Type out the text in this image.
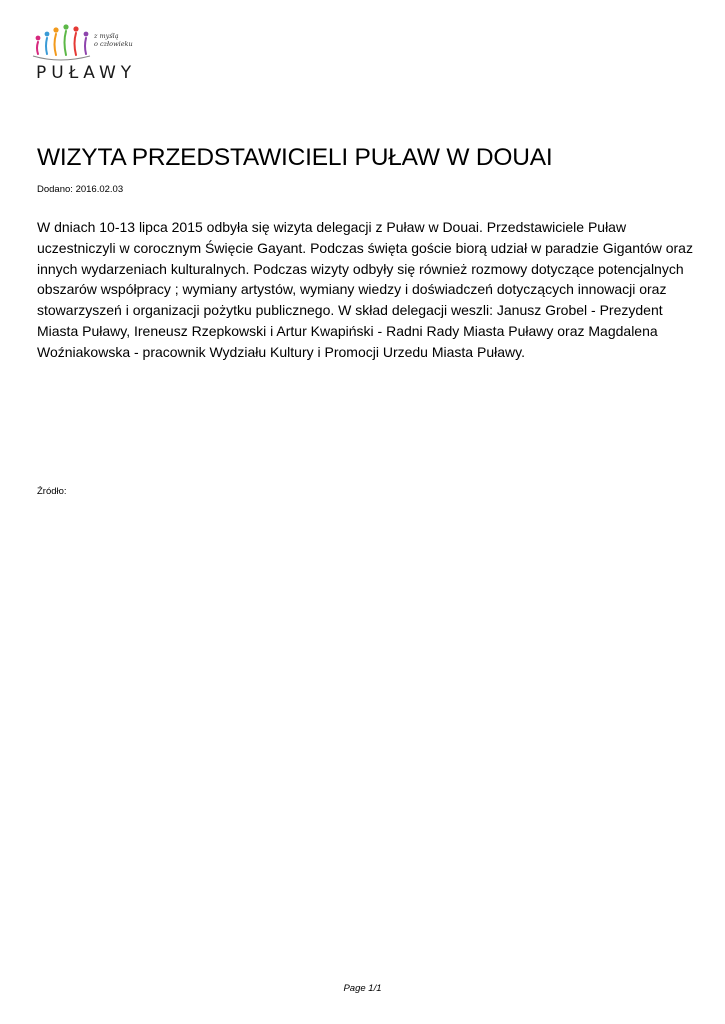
z myślą
o człowieku
PUŁAWY
WIZYTA PRZEDSTAWICIELI PUŁAW W DOUAI
Dodano: 2016.02.03

W dniach 10-13 lipca 2015 odbyła się wizyta delegacji z Puław w Douai. Przedstawiciele Puław uczestniczyli w corocznym Święcie Gayant. Podczas święta goście biorą udział w paradzie Gigantów oraz innych wydarzeniach kulturalnych. Podczas wizyty odbyły się również rozmowy dotyczące potencjalnych obszarów współpracy ; wymiany artystów, wymiany wiedzy i doświadczeń dotyczących innowacji oraz stowarzyszeń i organizacji pożytku publicznego. W skład delegacji weszli: Janusz Grobel - Prezydent Miasta Puławy, Ireneusz Rzepkowski i Artur Kwapiński - Radni Rady Miasta Puławy oraz Magdalena Woźniakowska - pracownik Wydziału Kultury i Promocji Urzedu Miasta Puławy.

Źródło:
Page 1/1
